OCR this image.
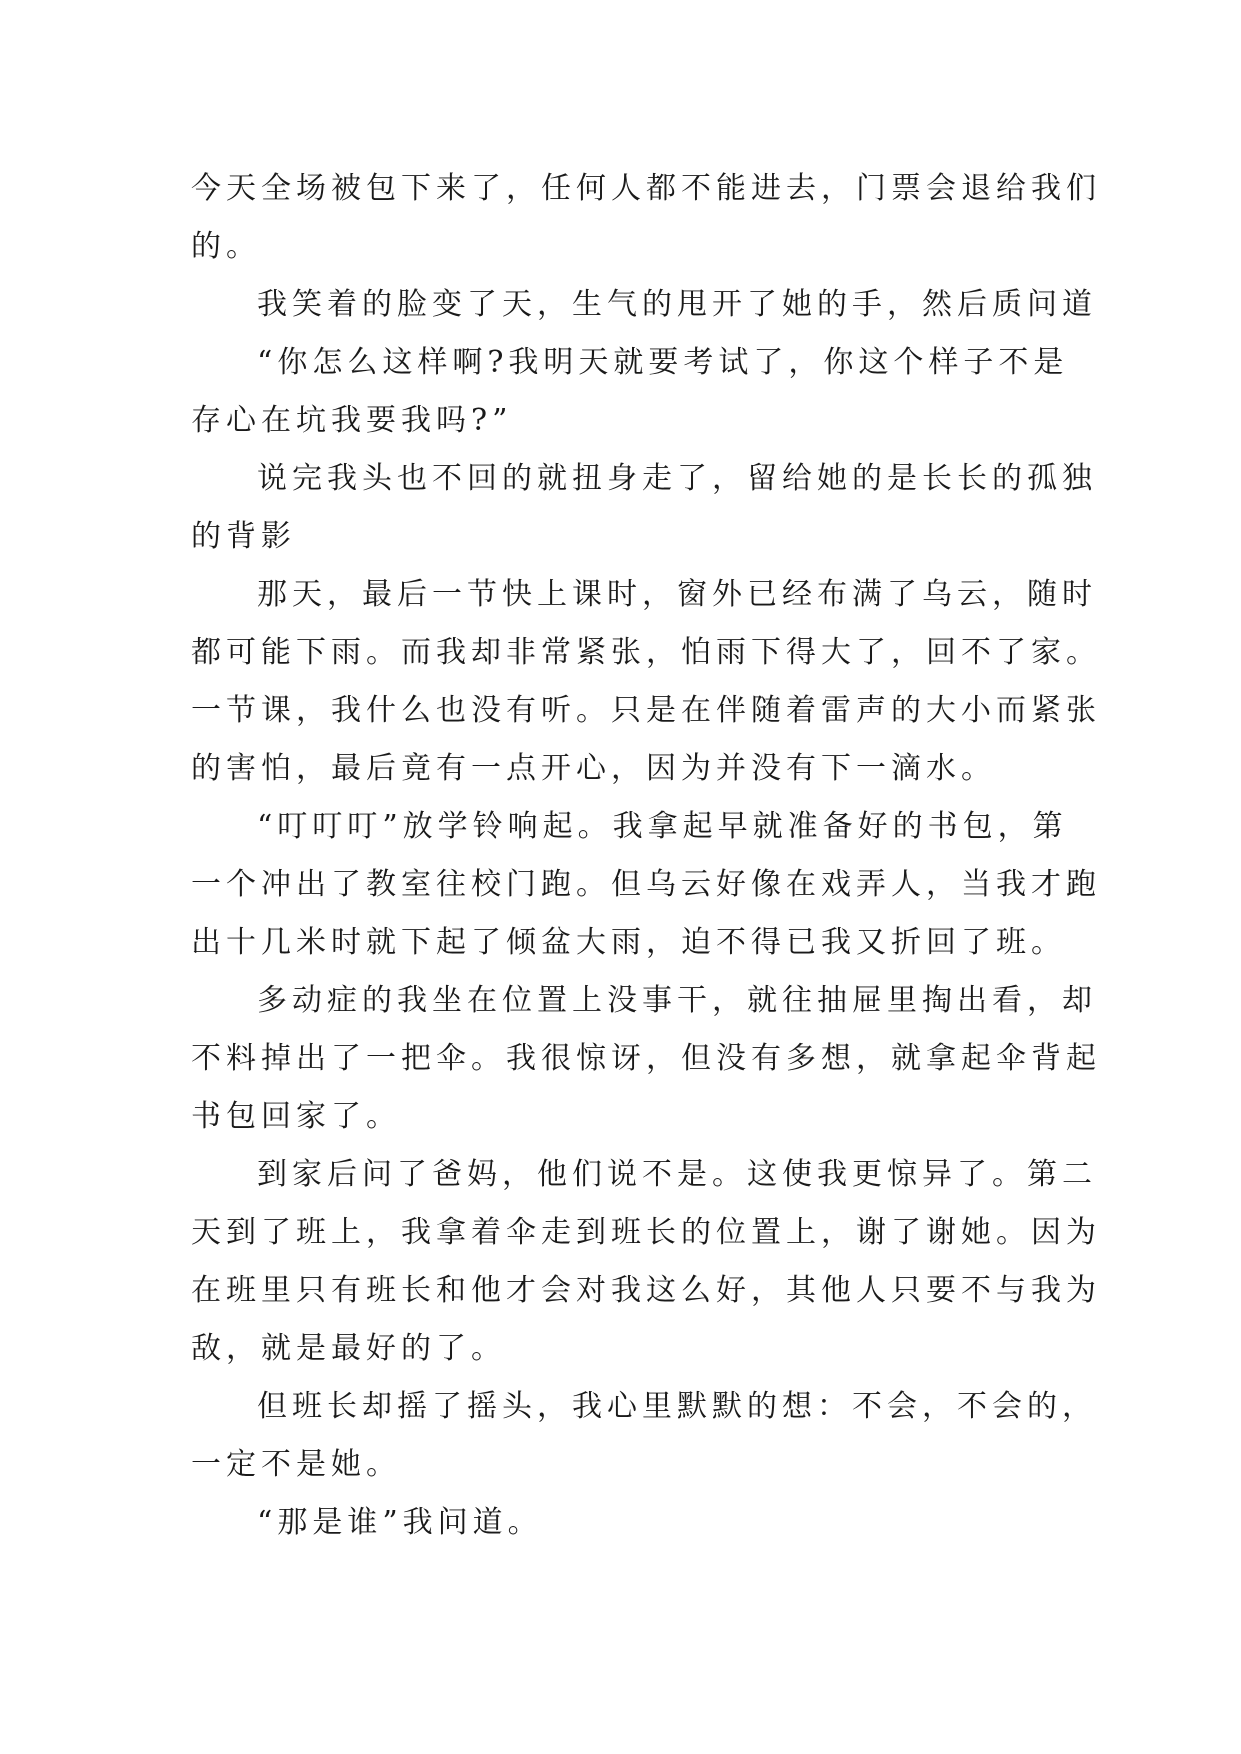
今天全场被包下来了，任何人都不能进去，门票会退给我们
的。
我笑着的脸变了天，生气的甩开了她的手，然后质问道
“你怎么这样啊?我明天就要考试了，你这个样子不是
存心在坑我要我吗?”
说完我头也不回的就扭身走了，留给她的是长长的孤独
的背影
那天，最后一节快上课时，窗外已经布满了乌云，随时
都可能下雨。而我却非常紧张，怕雨下得大了，回不了家。
一节课，我什么也没有听。只是在伴随着雷声的大小而紧张
的害怕，最后竟有一点开心，因为并没有下一滴水。
“叮叮叮”放学铃响起。我拿起早就准备好的书包，第
一个冲出了教室往校门跑。但乌云好像在戏弄人，当我才跑
出十几米时就下起了倾盆大雨，迫不得已我又折回了班。
多动症的我坐在位置上没事干，就往抽屉里掏出看，却
不料掉出了一把伞。我很惊讶，但没有多想，就拿起伞背起
书包回家了。
到家后问了爸妈，他们说不是。这使我更惊异了。第二
天到了班上，我拿着伞走到班长的位置上，谢了谢她。因为
在班里只有班长和他才会对我这么好，其他人只要不与我为
敌，就是最好的了。
但班长却摇了摇头，我心里默默的想：不会，不会的，
一定不是她。
“那是谁”我问道。
